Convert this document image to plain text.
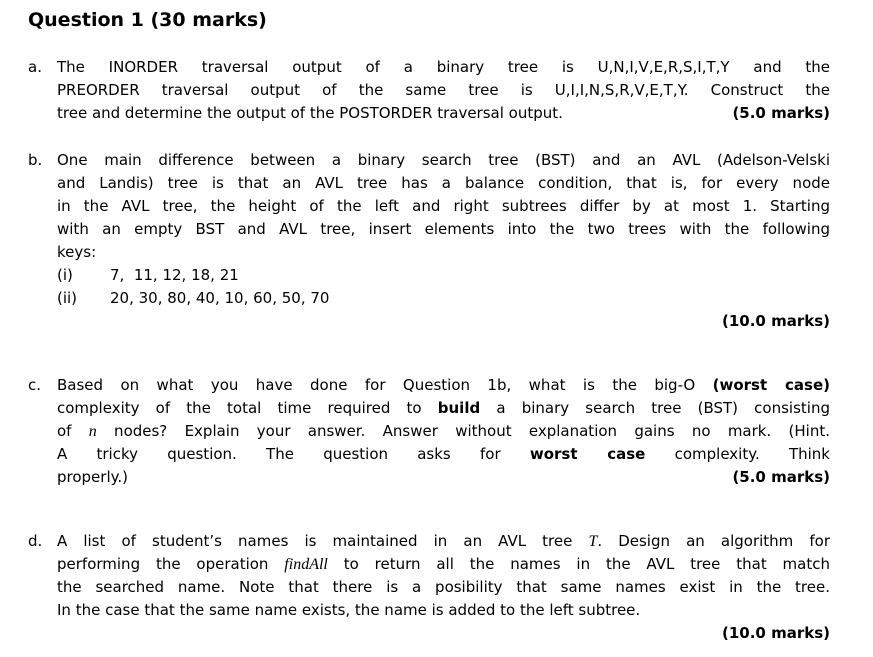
Question 1 (30 marks)
a.	The INORDER traversal output of a binary tree is U,N,I,V,E,R,S,I,T,Y and the
PREORDER traversal output of the same tree is U,I,I,N,S,R,V,E,T,Y. Construct the
tree and determine the output of the POSTORDER traversal output.	(5.0 marks)
b. One main difference between a binary search tree (BST) and an AVL (Adelson-Velski
and Landis) tree is that an AVL tree has a balance condition, that is, for every node
in the AVL tree, the height of the left and right subtrees differ by at most 1. Starting
with an empty BST and AVL tree, insert elements into the two trees with the following
keys:
(i) 7,  11, 12, 18, 21
(ii) 20, 30, 80, 40, 10, 60, 50, 70
(10.0 marks)
c.	Based on what you have done for Question 1b, what is the big-O (worst case)
complexity of the total time required to build a binary search tree (BST) consisting
of n nodes? Explain your answer. Answer without explanation gains no mark. (Hint.
A tricky question. The question asks for worst case complexity. Think
properly.)	(5.0 marks)
d. A list of student’s names is maintained in an AVL tree T. Design an algorithm for
performing the operation findAll to return all the names in the AVL tree that match
the searched name. Note that there is a posibility that same names exist in the tree.
In the case that the same name exists, the name is added to the left subtree.
(10.0 marks)
